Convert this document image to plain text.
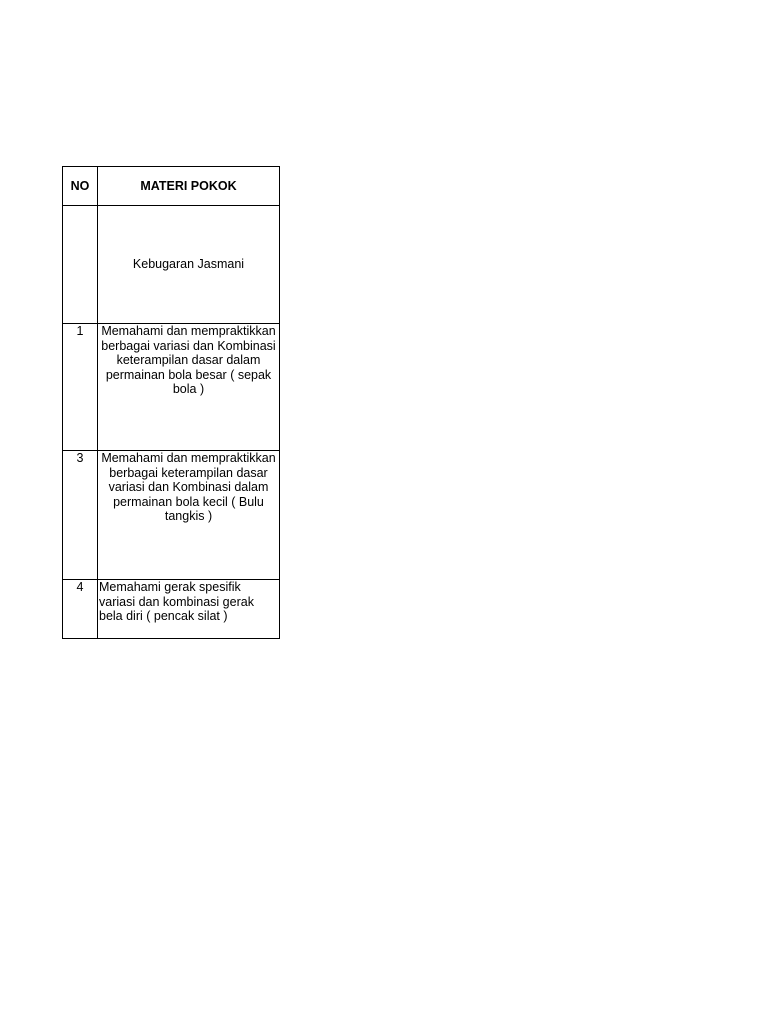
NO	MATERI POKOK
	Kebugaran Jasmani
1	Memahami dan mempraktikkan berbagai variasi dan Kombinasi keterampilan dasar dalam permainan bola besar ( sepak bola )
3	Memahami dan mempraktikkan berbagai keterampilan dasar variasi dan Kombinasi dalam permainan bola kecil ( Bulu tangkis )
4	Memahami gerak spesifik variasi dan kombinasi gerak bela diri ( pencak silat )
